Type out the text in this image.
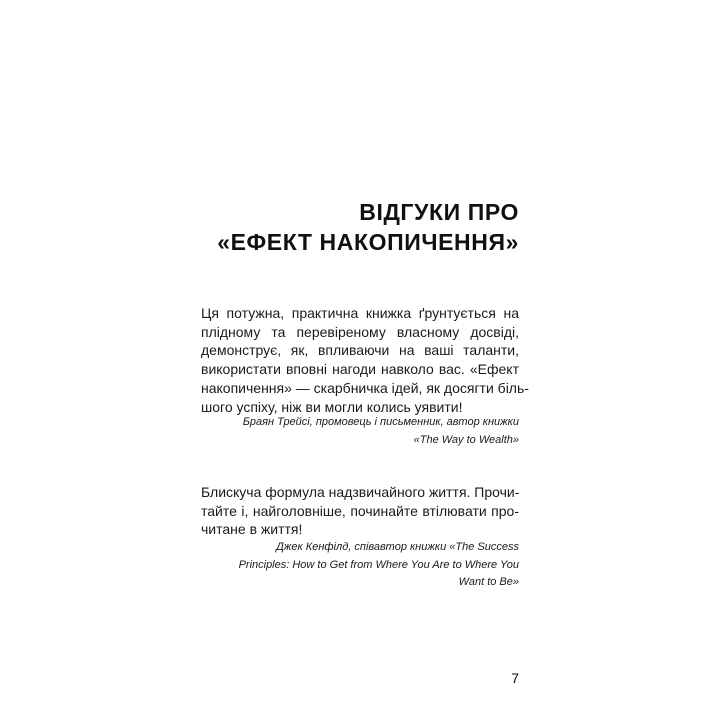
ВІДГУКИ ПРО
«ЕФЕКТ НАКОПИЧЕННЯ»
Ця потужна, практична книжка ґрунтується на
плідному та перевіреному власному досвіді,
демонструє, як, впливаючи на ваші таланти,
використати вповні нагоди навколо вас. «Ефект
накопичення» — скарбничка ідей, як досягти біль-
шого успіху, ніж ви могли колись уявити!
Браян Трейсі, промовець і письменник, автор книжки
«The Way to Wealth»
Блискуча формула надзвичайного життя. Прочи-
тайте і, найголовніше, починайте втілювати про-
читане в життя!
Джек Кенфілд, співавтор книжки «The Success
Principles: How to Get from Where You Are to Where You
Want to Be»
7
